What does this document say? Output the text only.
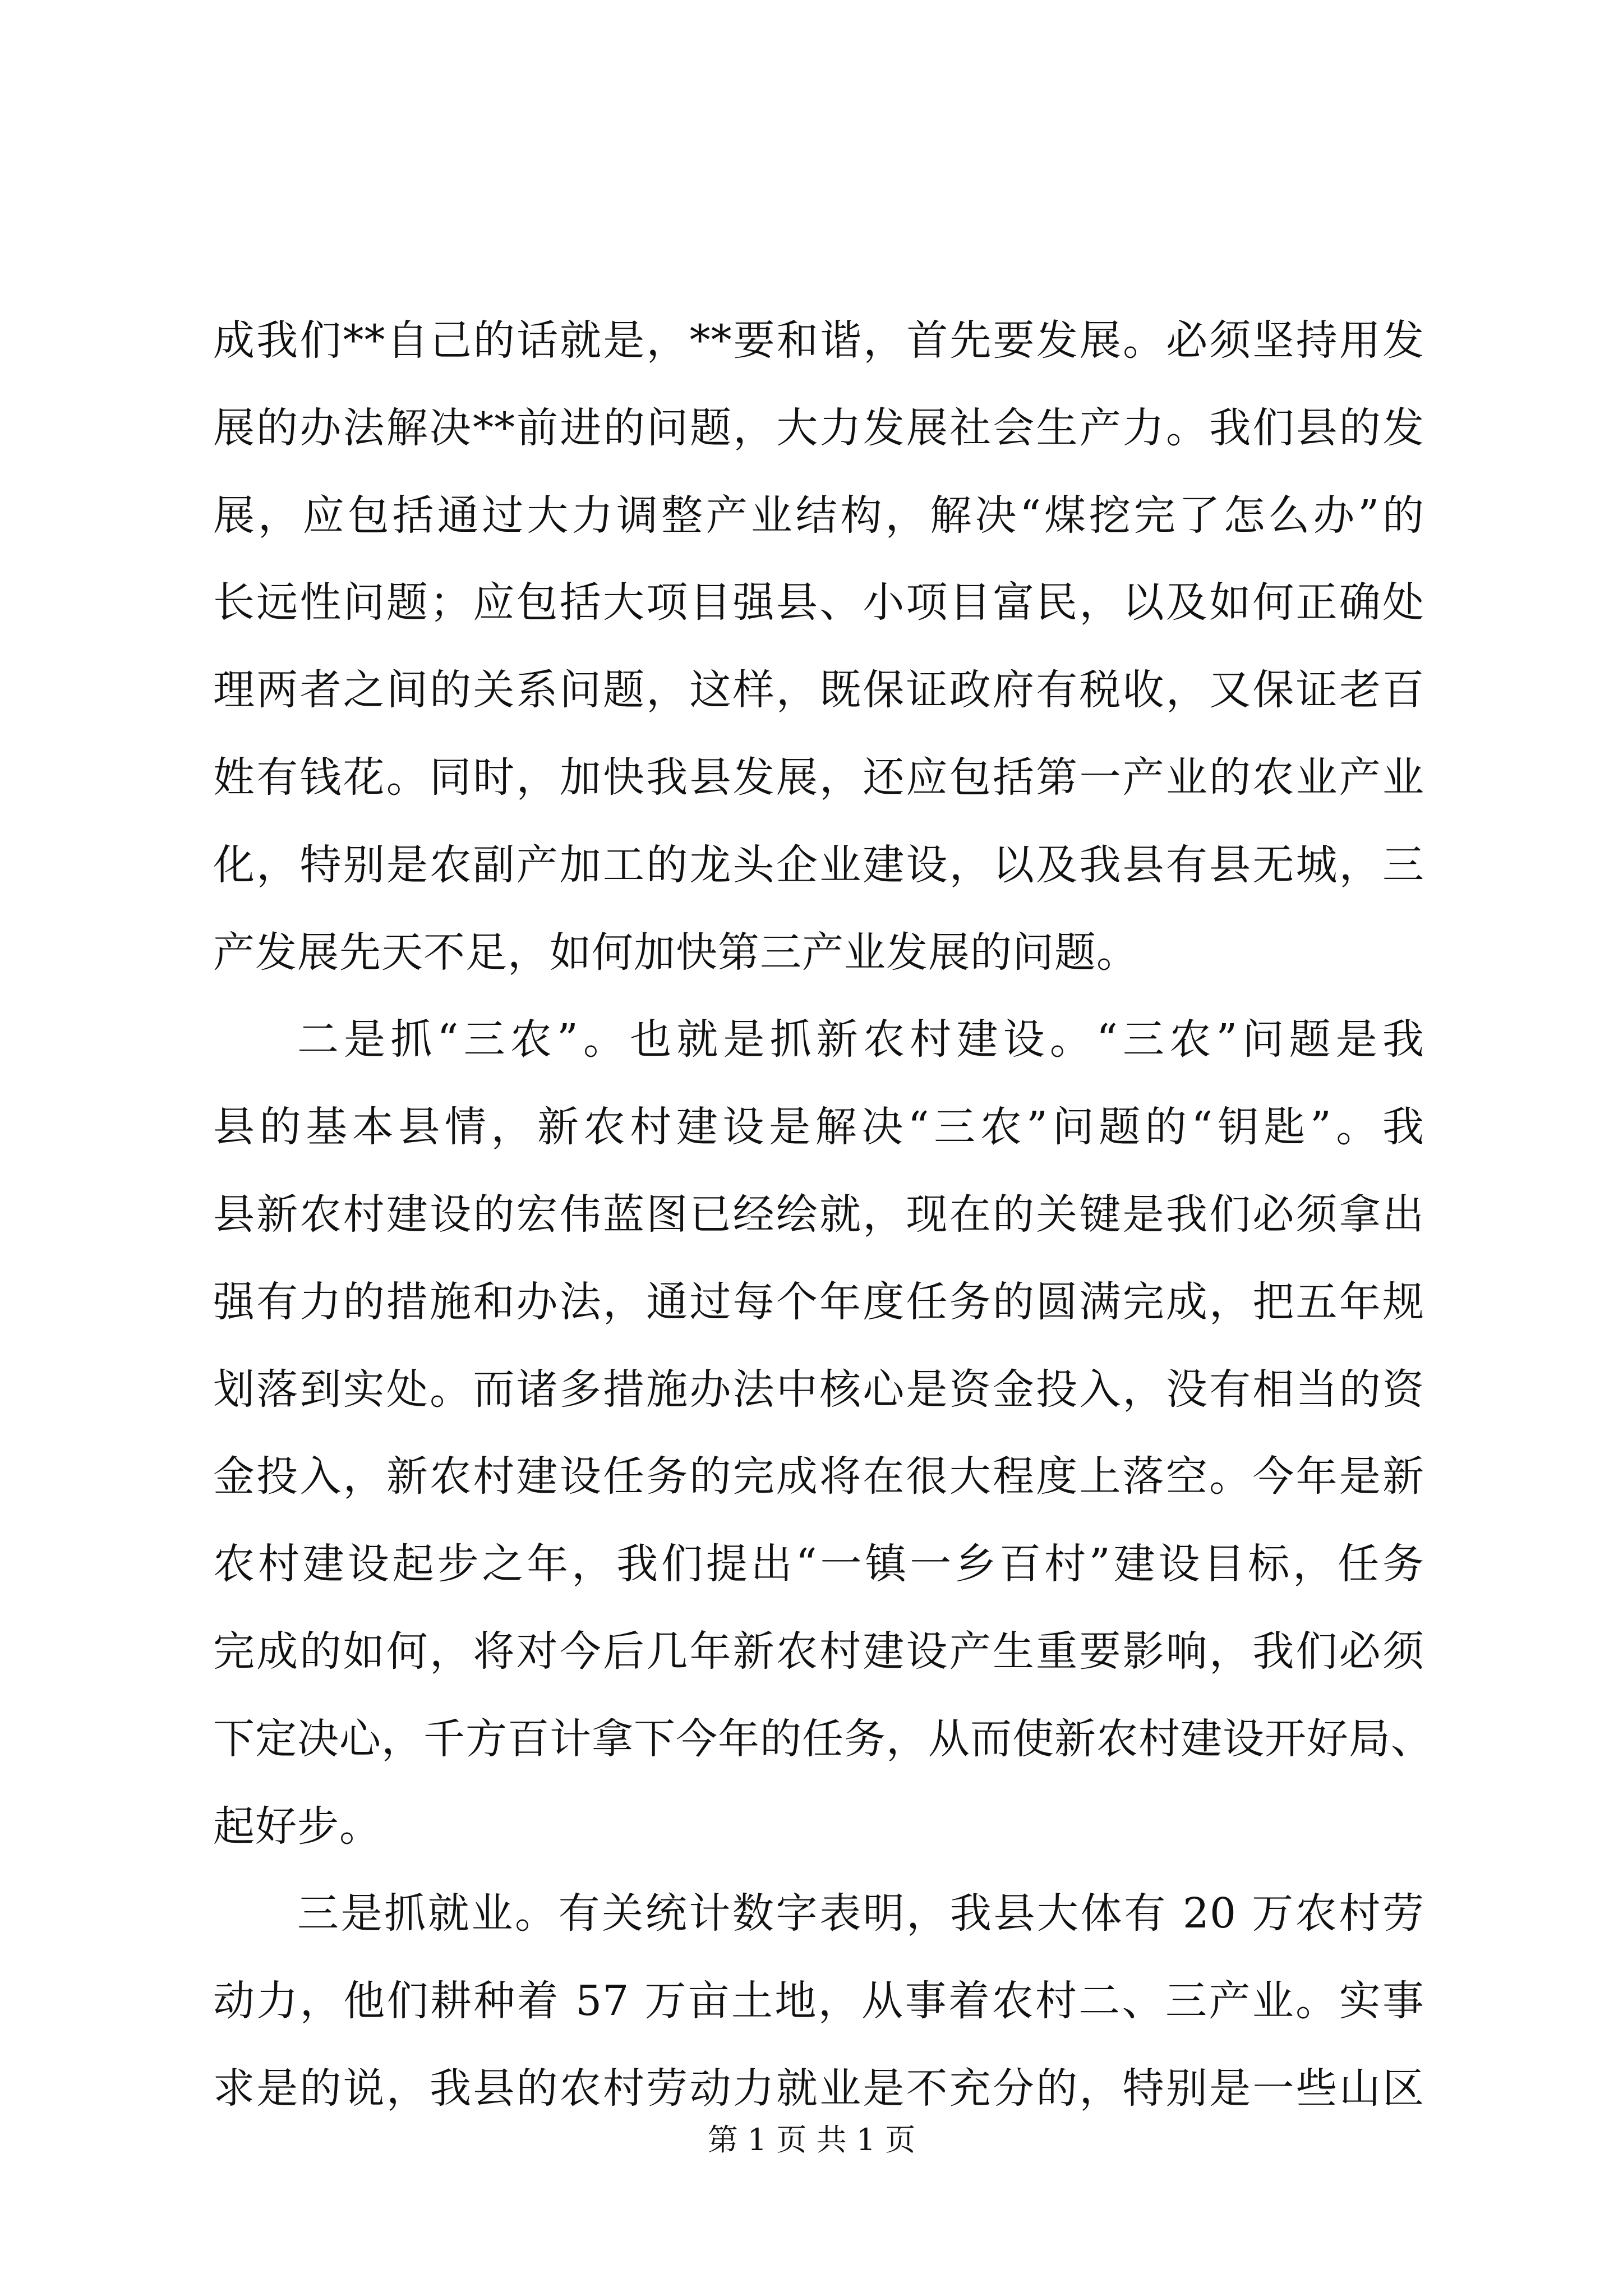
成我们**自己的话就是，**要和谐，首先要发展。必须坚持用发
展的办法解决**前进的问题，大力发展社会生产力。我们县的发
展，应包括通过大力调整产业结构，解决“煤挖完了怎么办”的
长远性问题；应包括大项目强县、小项目富民，以及如何正确处
理两者之间的关系问题，这样，既保证政府有税收，又保证老百
姓有钱花。同时，加快我县发展，还应包括第一产业的农业产业
化，特别是农副产加工的龙头企业建设，以及我县有县无城，三
产发展先天不足，如何加快第三产业发展的问题。
二是抓“三农”。也就是抓新农村建设。“三农”问题是我
县的基本县情，新农村建设是解决“三农”问题的“钥匙”。我
县新农村建设的宏伟蓝图已经绘就，现在的关键是我们必须拿出
强有力的措施和办法，通过每个年度任务的圆满完成，把五年规
划落到实处。而诸多措施办法中核心是资金投入，没有相当的资
金投入，新农村建设任务的完成将在很大程度上落空。今年是新
农村建设起步之年，我们提出“一镇一乡百村”建设目标，任务
完成的如何，将对今后几年新农村建设产生重要影响，我们必须
下定决心，千方百计拿下今年的任务，从而使新农村建设开好局、
起好步。
三是抓就业。有关统计数字表明，我县大体有 20 万农村劳
动力，他们耕种着 57 万亩土地，从事着农村二、三产业。实事
求是的说，我县的农村劳动力就业是不充分的，特别是一些山区
第 1 页 共 1 页
